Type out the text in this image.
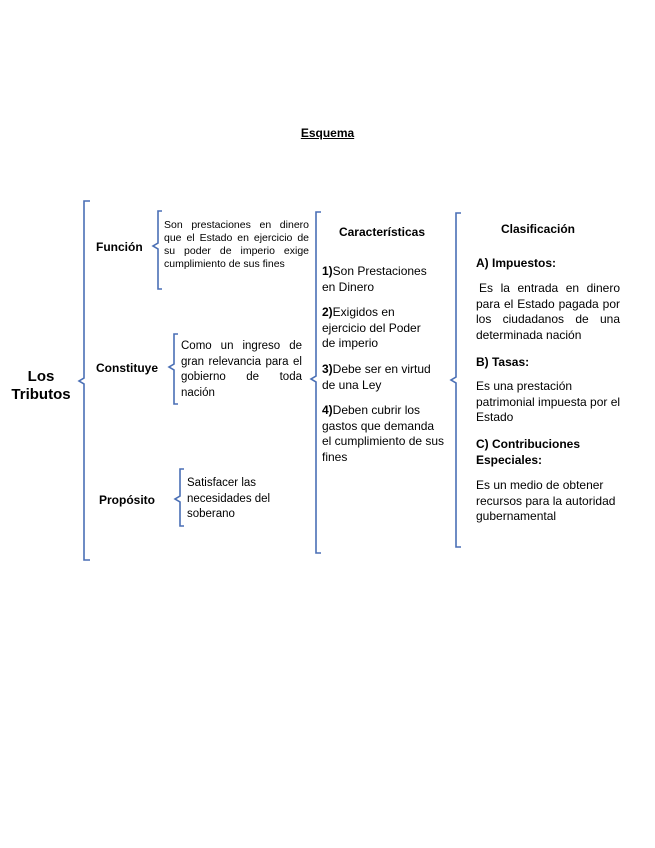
Esquema
Los Tributos
Función
Son prestaciones en dinero que el Estado en ejercicio de su poder de imperio exige cumplimiento de sus fines
Constituye
Como un ingreso de gran relevancia para el gobierno de toda nación
Propósito
Satisfacer las necesidades del soberano
Características
1)Son Prestaciones en Dinero
2)Exigidos en ejercicio del Poder de imperio
3)Debe ser en virtud de una Ley
4)Deben cubrir los gastos que demanda el cumplimiento de sus fines
Clasificación
A) Impuestos:
Es la entrada en dinero para el Estado pagada por los ciudadanos de una determinada nación
B) Tasas:
Es una prestación patrimonial impuesta por el Estado
C) Contribuciones Especiales:
Es un medio de obtener recursos para la autoridad gubernamental
